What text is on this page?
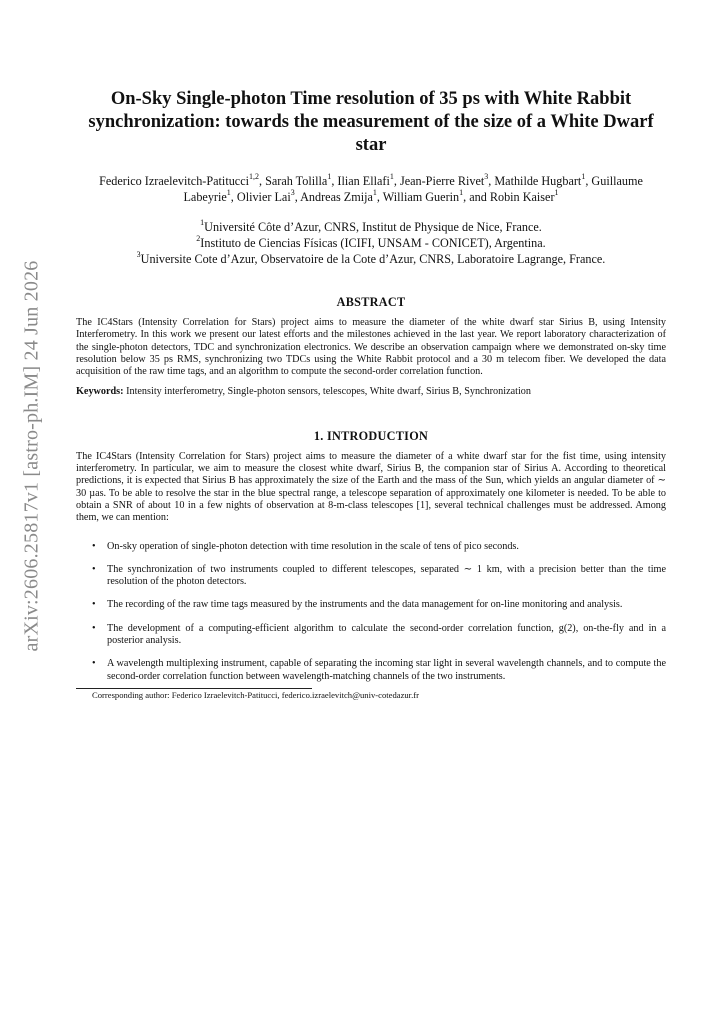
arXiv:2606.25817v1 [astro-ph.IM] 24 Jun 2026
On-Sky Single-photon Time resolution of 35 ps with White Rabbit synchronization: towards the measurement of the size of a White Dwarf star
Federico Izraelevitch-Patitucci$^{1,2}$, Sarah Tolilla$^1$, Ilian Ellafi$^1$, Jean-Pierre Rivet$^3$, Mathilde Hugbart$^1$, Guillaume Labeyrie$^1$, Olivier Lai$^3$, Andreas Zmija$^1$, William Guerin$^1$, and Robin Kaiser$^1$
$^1$Université Côte d’Azur, CNRS, Institut de Physique de Nice, France.
$^2$Instituto de Ciencias Físicas (ICIFI, UNSAM - CONICET), Argentina.
$^3$Universite Cote d’Azur, Observatoire de la Cote d’Azur, CNRS, Laboratoire Lagrange, France.
ABSTRACT

The IC4Stars (Intensity Correlation for Stars) project aims to measure the diameter of the white dwarf star Sirius B, using Intensity Interferometry. In this work we present our latest efforts and the milestones achieved in the last year. We report laboratory characterization of the single-photon detectors, TDC and synchronization electronics. We describe an observation campaign where we demonstrated on-sky time resolution below 35 ps RMS, synchronizing two TDCs using the White Rabbit protocol and a 30 m telecom fiber. We developed the data acquisition of the raw time tags, and an algorithm to compute the second-order correlation function.

Keywords: Intensity interferometry, Single-photon sensors, telescopes, White dwarf, Sirius B, Synchronization

1. INTRODUCTION

The IC4Stars (Intensity Correlation for Stars) project aims to measure the diameter of a white dwarf star for the fist time, using intensity interferometry. In particular, we aim to measure the closest white dwarf, Sirius B, the companion star of Sirius A. According to theoretical predictions, it is expected that Sirius B has approximately the size of the Earth and the mass of the Sun, which yields an angular diameter of ∼ 30 µas. To be able to resolve the star in the blue spectral range, a telescope separation of approximately one kilometer is needed. To be able to obtain a SNR of about 10 in a few nights of observation at 8-m-class telescopes [1], several technical challenges must be addressed. Among them, we can mention:

• On-sky operation of single-photon detection with time resolution in the scale of tens of pico seconds.
• The synchronization of two instruments coupled to different telescopes, separated ∼ 1 km, with a precision better than the time resolution of the photon detectors.
• The recording of the raw time tags measured by the instruments and the data management for on-line monitoring and analysis.
• The development of a computing-efficient algorithm to calculate the second-order correlation function, g(2), on-the-fly and in a posterior analysis.
• A wavelength multiplexing instrument, capable of separating the incoming star light in several wavelength channels, and to compute the second-order correlation function between wavelength-matching channels of the two instruments.

Corresponding author: Federico Izraelevitch-Patitucci, federico.izraelevitch@univ-cotedazur.fr
